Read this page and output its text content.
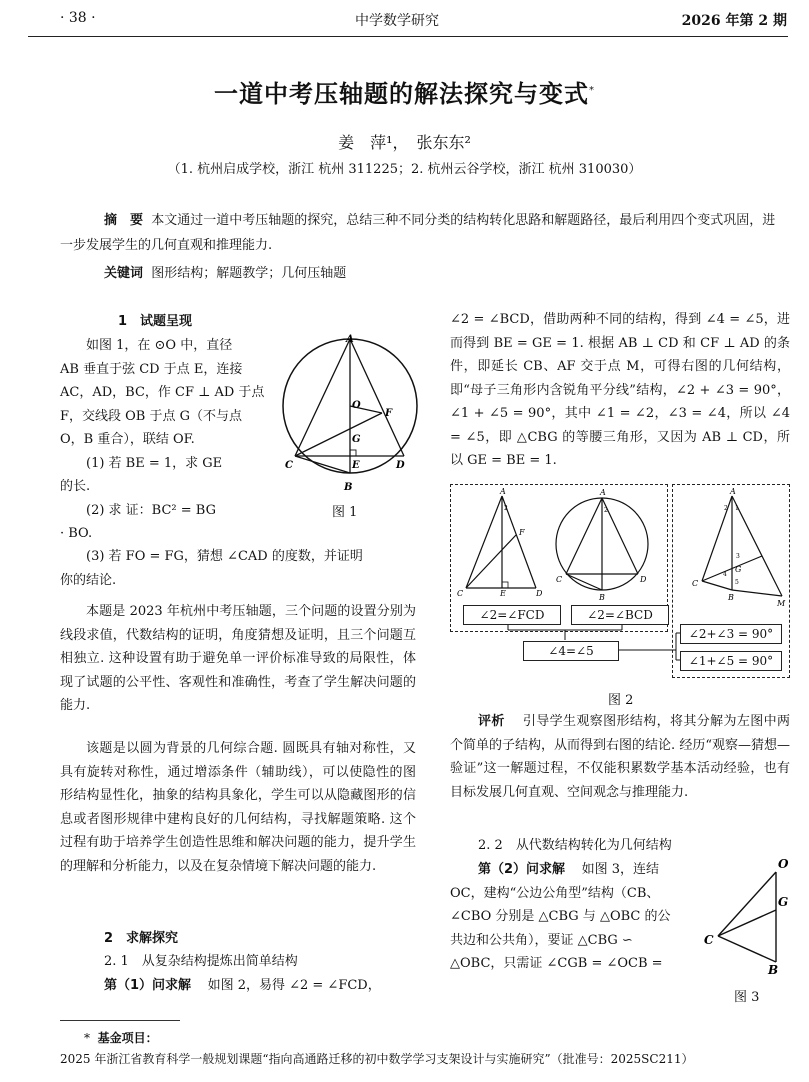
· 38 ·	中学数学研究	2026 年第 2 期
一道中考压轴题的解法探究与变式*
姜　萍¹，　张东东²
（1. 杭州启成学校，浙江 杭州 311225；2. 杭州云谷学校，浙江 杭州 310030）
摘　要 本文通过一道中考压轴题的探究，总结三种不同分类的结构转化思路和解题路径，最后利用四个变式巩固，进一步发展学生的几何直观和推理能力.
关键词 图形结构；解题教学；几何压轴题
1　试题呈现
如图 1，在 ⊙O 中，直径
AB 垂直于弦 CD 于点 E，连接
AC，AD，BC，作 CF ⊥ AD 于点
F，交线段 OB 于点 G（不与点
O，B 重合），联结 OF.
(1) 若 BE = 1，求 GE
的长.
(2) 求 证：BC² = BG
· BO.
(3) 若 FO = FG，猜想 ∠CAD 的度数，并证明
你的结论.
A
O
F
G
C	E	D
B
图 1
本题是 2023 年杭州中考压轴题，三个问题的设置分别为线段求值，代数结构的证明，角度猜想及证明，且三个问题互相独立. 这种设置有助于避免单一评价标准导致的局限性，体现了试题的公平性、客观性和准确性，考查了学生解决问题的能力.
该题是以圆为背景的几何综合题. 圆既具有轴对称性，又具有旋转对称性，通过增添条件（辅助线），可以使隐性的图形结构显性化，抽象的结构具象化，学生可以从隐藏图形的信息或者图形规律中建构良好的几何结构，寻找解题策略. 这个过程有助于培养学生创造性思维和解决问题的能力，提升学生的理解和分析能力，以及在复杂情境下解决问题的能力.
2　求解探究
2. 1　从复杂结构提炼出简单结构
第（1）问求解 如图 2，易得 ∠2 = ∠FCD，
∠2 = ∠BCD，借助两种不同的结构，得到 ∠4 = ∠5，进而得到 BE = GE = 1. 根据 AB ⊥ CD 和 CF ⊥ AD 的条件，即延长 CB、AF 交于点 M，可得右图的几何结构，即“母子三角形内含锐角平分线”结构，∠2 + ∠3 = 90°，∠1 + ∠5 = 90°，其中 ∠1 = ∠2，∠3 = ∠4，所以 ∠4 = ∠5，即 △CBG 的等腰三角形，又因为 AB ⊥ CD，所以 GE = BE = 1.
A
F
C	E	D
2
A
C	D
B
2
A
G
C
B
M
1
2
3
4
5
∠2=∠FCD	∠2=∠BCD
∠4=∠5
∠2+∠3 = 90°
∠1+∠5 = 90°
图 2
评析 引导学生观察图形结构，将其分解为左图中两个简单的子结构，从而得到右图的结论. 经历“观察—猜想—验证”这一解题过程，不仅能积累数学基本活动经验，也有目标发展几何直观、空间观念与推理能力.
2. 2　从代数结构转化为几何结构
第（2）问求解 如图 3，连结
OC，建构“公边公角型”结构（CB、
∠CBO 分别是 △CBG 与 △OBC 的公
共边和公共角），要证 △CBG ∽
△OBC，只需证 ∠CGB = ∠OCB =
O
G
C
B
图 3
* 基金项目：2025 年浙江省教育科学一般规划课题“指向高通路迁移的初中数学学习支架设计与实施研究”（批准号：2025SC211）
